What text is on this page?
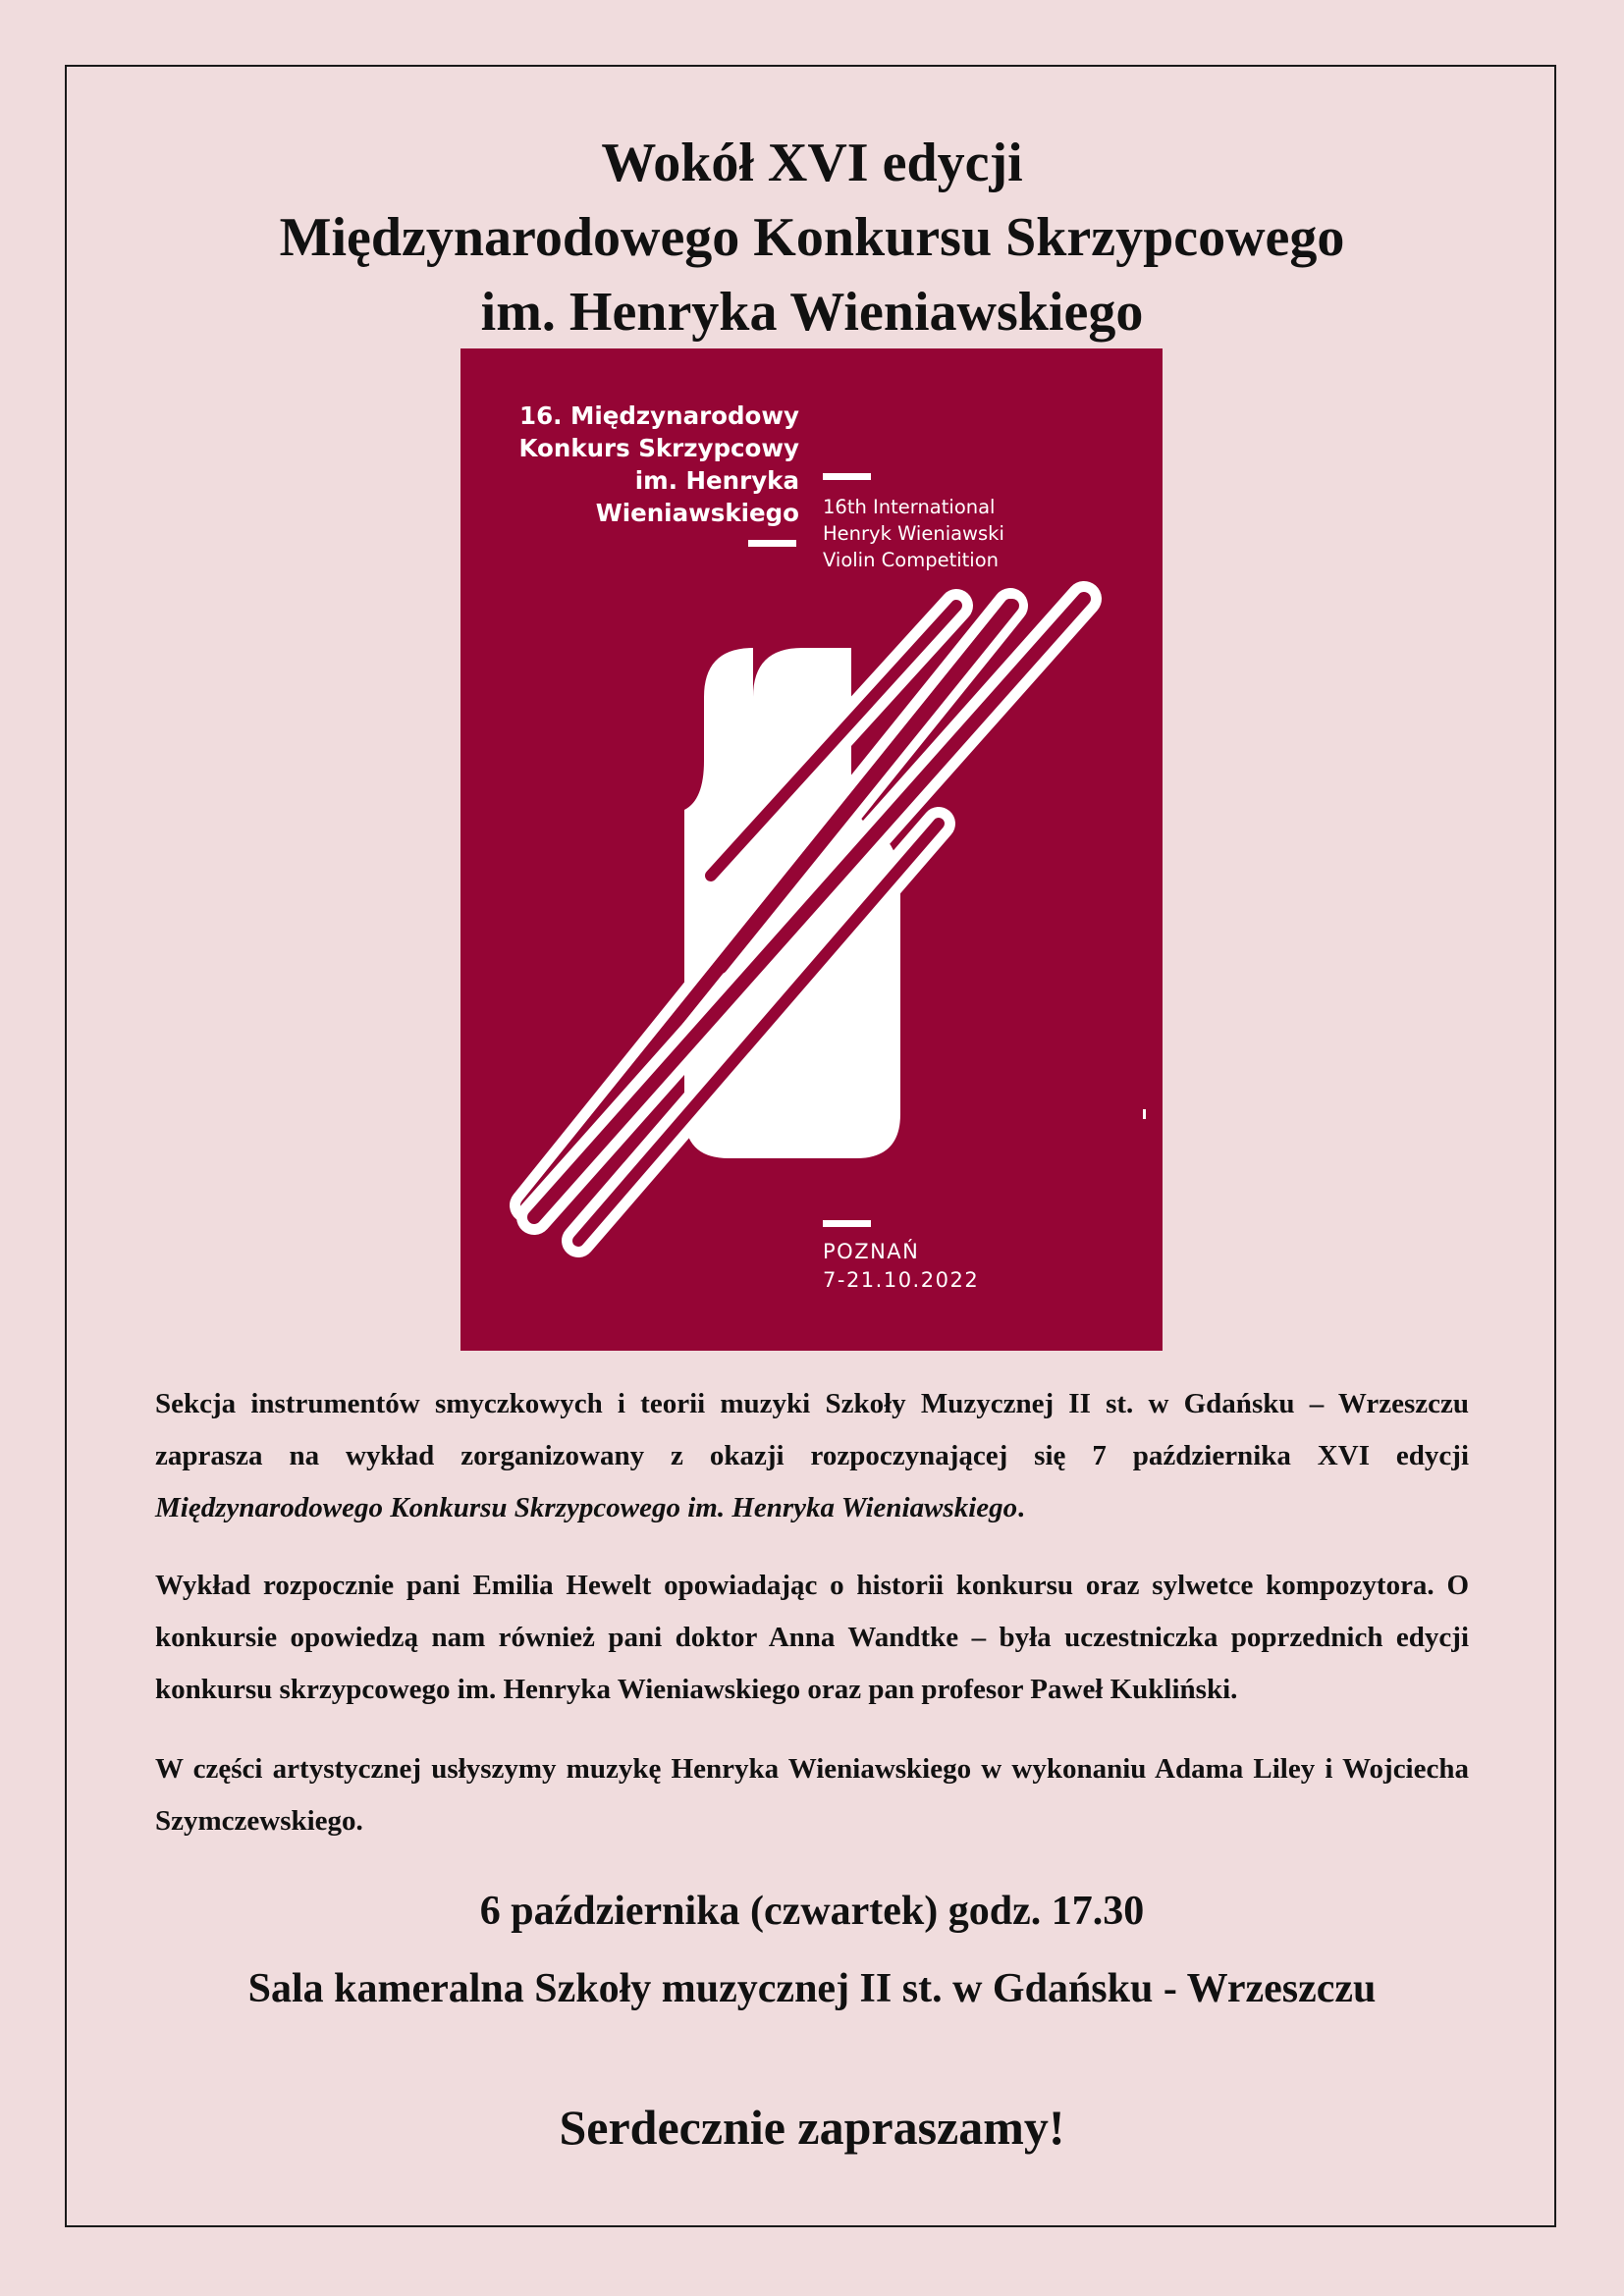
Wokół XVI edycji
Międzynarodowego Konkursu Skrzypcowego
im. Henryka Wieniawskiego
16. Międzynarodowy
Konkurs Skrzypcowy
im. Henryka
Wieniawskiego 16th International
Henryk Wieniawski
Violin Competition
POZNAŃ
7-21.10.2022

Sekcja instrumentów smyczkowych i teorii muzyki Szkoły Muzycznej II st. w Gdańsku – Wrzeszczu zaprasza na wykład zorganizowany z okazji rozpoczynającej się 7 października XVI edycji Międzynarodowego Konkursu Skrzypcowego im. Henryka Wieniawskiego.

Wykład rozpocznie pani Emilia Hewelt opowiadając o historii konkursu oraz sylwetce kompozytora. O konkursie opowiedzą nam również pani doktor Anna Wandtke – była uczestniczka poprzednich edycji konkursu skrzypcowego im. Henryka Wieniawskiego oraz pan profesor Paweł Kukliński.

W części artystycznej usłyszymy muzykę Henryka Wieniawskiego w wykonaniu Adama Liley i Wojciecha Szymczewskiego.

6 października (czwartek) godz. 17.30
Sala kameralna Szkoły muzycznej II st. w Gdańsku - Wrzeszczu
Serdecznie zapraszamy!
